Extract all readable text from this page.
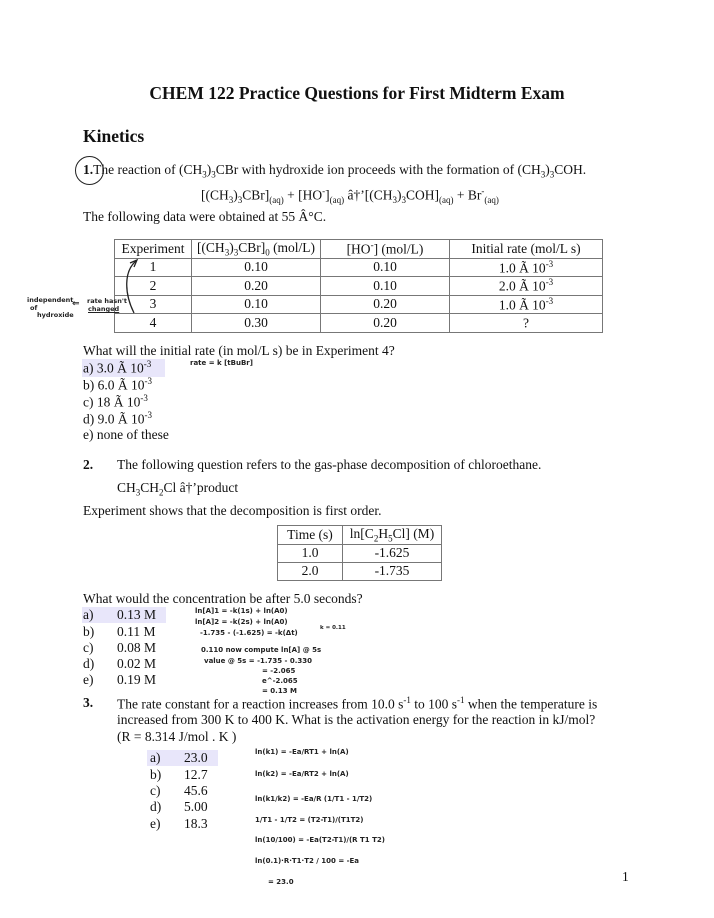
CHEM 122 Practice Questions for First Midterm Exam
Kinetics
1.The reaction of $(CH_3)_3CBr$ with hydroxide ion proceeds with the formation of $(CH_3)_3COH$.
$[(CH_3)_3CBr]_{(aq)} + [HO^-]_{(aq)}$ $â\dagger’[(CH_3)_3COH]_{(aq)} + Br^-_{(aq)}$
The following data were obtained at 55 Â°C.
Experiment	$[(CH_3)_3CBr]_0$ (mol/L)	[HO-] (mol/L)	Initial rate (mol/L s)
1	0.10	0.10	1.0 Ã $10^{-3}$
2	0.20	0.10	2.0 Ã $10^{-3}$
3	0.10	0.20	1.0 Ã $10^{-3}$
4	0.30	0.20	?
independent
of
hydroxide
⇐ rate hasn't
changed
What will the initial rate (in mol/L s) be in Experiment 4?
rate = k [tBuBr]
a) 3.0 Ã $10^{-3}$
b) 6.0 Ã $10^{-3}$
c) 18 Ã $10^{-3}$
d) 9.0 Ã $10^{-3}$
e) none of these
2. The following question refers to the gas-phase decomposition of chloroethane.
$CH_3CH_2Cl$ â†’product
Experiment shows that the decomposition is first order.
Time (s)	$\ln[C_2H_5Cl]$ (M)
1.0	-1.625
2.0	-1.735
What would the concentration be after 5.0 seconds?
a) 0.13 M
b) 0.11 M
c) 0.08 M
d) 0.02 M
e) 0.19 M
ln[A]1 = -k(1s) + ln(A0)
ln[A]2 = -k(2s) + ln(A0)
-1.735 - (-1.625) = -k(Δt)
k = 0.11
0.110 now compute ln[A] @ 5s
value @ 5s = -1.735 - 0.330
= -2.065
e^-2.065
= 0.13 M
3. The rate constant for a reaction increases from 10.0 $s^{-1}$ to 100 $s^{-1}$ when the temperature is
increased from 300 K to 400 K. What is the activation energy for the reaction in kJ/mol?
(R = 8.314 J/mol . K )
a) 23.0
b) 12.7
c) 45.6
d) 5.00
e) 18.3
ln(k1) = -Ea/RT1 + ln(A)
ln(k2) = -Ea/RT2 + ln(A)
ln(k1/k2) = -Ea/R (1/T1 - 1/T2)
1/T1 - 1/T2 = (T2-T1)/(T1T2)
ln(10/100) = -Ea(T2-T1)/(R T1 T2)
ln(0.1)·R·T1·T2 / 100 = -Ea
= 23.0	1
